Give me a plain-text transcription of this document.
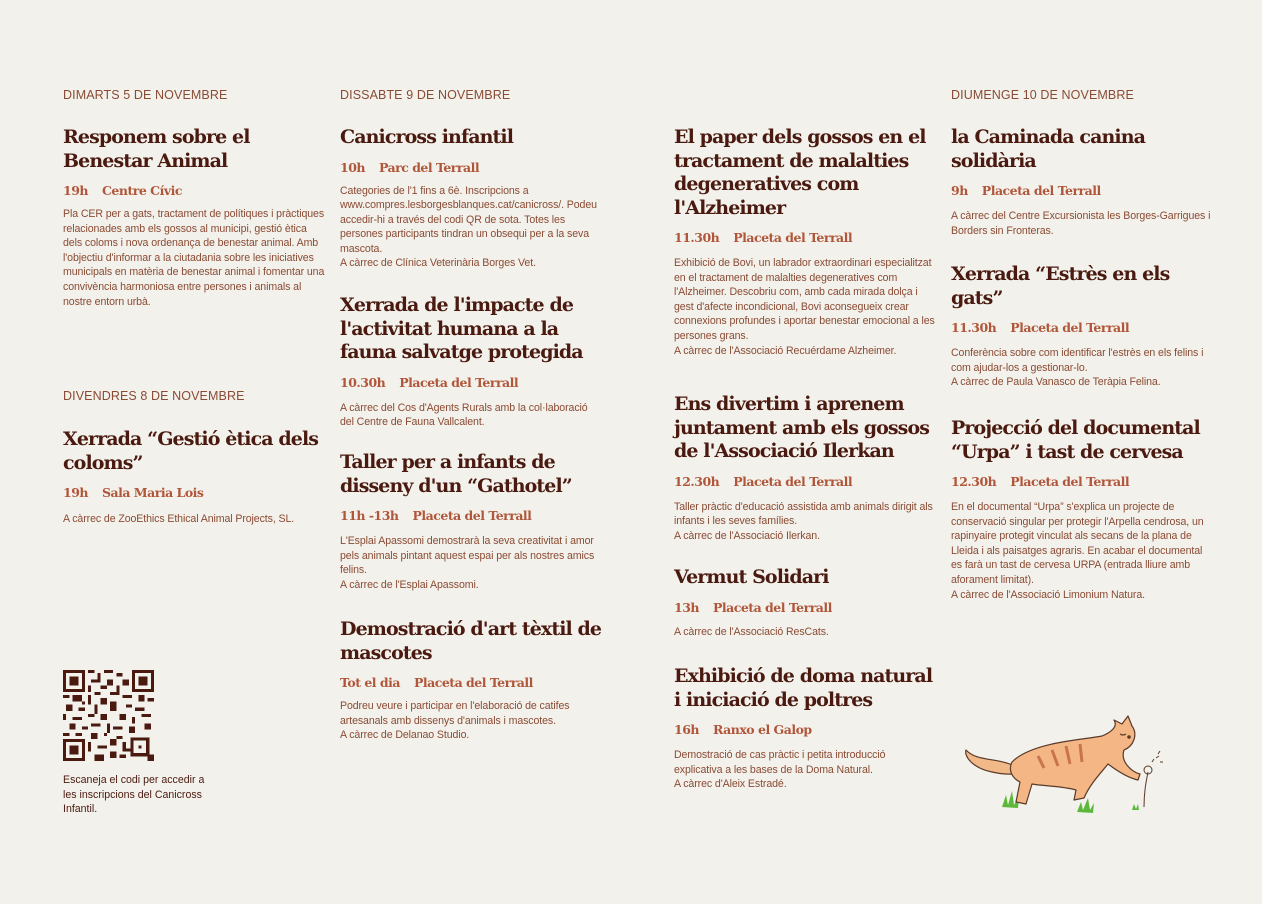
DIMARTS 5 DE NOVEMBRE
Responem sobre el Benestar Animal
19h Centre Cívic
Pla CER per a gats, tractament de polítiques i pràctiques relacionades amb els gossos al municipi, gestió ètica dels coloms i nova ordenança de benestar animal. Amb l'objectiu d'informar a la ciutadania sobre les iniciatives municipals en matèria de benestar animal i fomentar una convivència harmoniosa entre persones i animals al nostre entorn urbà.
DIVENDRES 8 DE NOVEMBRE
Xerrada “Gestió ètica dels coloms”
19h Sala Maria Lois
A càrrec de ZooEthics Ethical Animal Projects, SL.
Escaneja el codi per accedir a les inscripcions del Canicross Infantil.
DISSABTE 9 DE NOVEMBRE
Canicross infantil
10h Parc del Terrall
Categories de l'1 fins a 6è. Inscripcions a www.compres.lesborgesblanques.cat/canicross/. Podeu accedir-hi a través del codi QR de sota. Totes les persones participants tindran un obsequi per a la seva mascota.
A càrrec de Clínica Veterinària Borges Vet.
Xerrada de l'impacte de l'activitat humana a la fauna salvatge protegida
10.30h Placeta del Terrall
A càrrec del Cos d'Agents Rurals amb la col·laboració del Centre de Fauna Vallcalent.
Taller per a infants de disseny d'un “Gathotel”
11h -13h Placeta del Terrall
L'Esplai Apassomi demostrarà la seva creativitat i amor pels animals pintant aquest espai per als nostres amics felins.
A càrrec de l'Esplai Apassomi.
Demostració d'art tèxtil de mascotes
Tot el dia Placeta del Terrall
Podreu veure i participar en l'elaboració de catifes artesanals amb dissenys d'animals i mascotes.
A càrrec de Delanao Studio.
El paper dels gossos en el tractament de malalties degeneratives com l'Alzheimer
11.30h Placeta del Terrall
Exhibició de Bovi, un labrador extraordinari especialitzat en el tractament de malalties degeneratives com l'Alzheimer. Descobriu com, amb cada mirada dolça i gest d'afecte incondicional, Bovi aconsegueix crear connexions profundes i aportar benestar emocional a les persones grans.
A càrrec de l'Associació Recuérdame Alzheimer.
Ens divertim i aprenem juntament amb els gossos de l'Associació Ilerkan
12.30h Placeta del Terrall
Taller pràctic d'educació assistida amb animals dirigit als infants i les seves famílies.
A càrrec de l'Associació Ilerkan.
Vermut Solidari
13h Placeta del Terrall
A càrrec de l'Associació ResCats.
Exhibició de doma natural i iniciació de poltres
16h Ranxo el Galop
Demostració de cas pràctic i petita introducció explicativa a les bases de la Doma Natural.
A càrrec d'Aleix Estradé.
DIUMENGE 10 DE NOVEMBRE
la Caminada canina solidària
9h Placeta del Terrall
A càrrec del Centre Excursionista les Borges-Garrigues i Borders sin Fronteras.
Xerrada “Estrès en els gats”
11.30h Placeta del Terrall
Conferència sobre com identificar l'estrès en els felins i com ajudar-los a gestionar-lo.
A càrrec de Paula Vanasco de Teràpia Felina.
Projecció del documental “Urpa” i tast de cervesa
12.30h Placeta del Terrall
En el documental “Urpa” s'explica un projecte de conservació singular per protegir l'Arpella cendrosa, un rapinyaire protegit vinculat als secans de la plana de Lleida i als paisatges agraris. En acabar el documental es farà un tast de cervesa URPA (entrada lliure amb aforament limitat).
A càrrec de l'Associació Limonium Natura.
